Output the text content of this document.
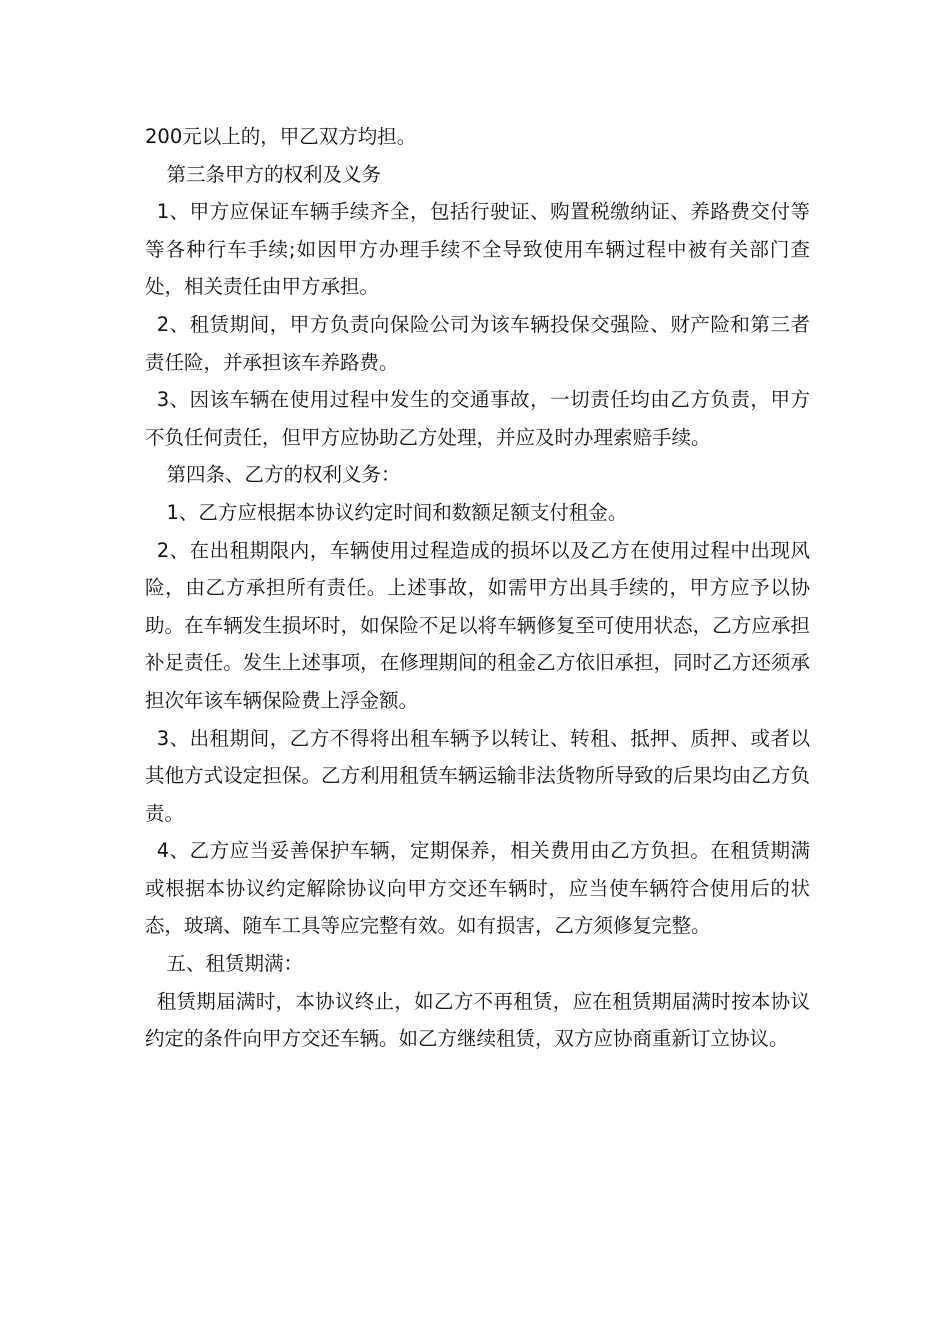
200元以上的，甲乙双方均担。

第三条甲方的权利及义务

1、甲方应保证车辆手续齐全，包括行驶证、购置税缴纳证、养路费交付等等各种行车手续;如因甲方办理手续不全导致使用车辆过程中被有关部门查处，相关责任由甲方承担。

2、租赁期间，甲方负责向保险公司为该车辆投保交强险、财产险和第三者责任险，并承担该车养路费。

3、因该车辆在使用过程中发生的交通事故，一切责任均由乙方负责，甲方不负任何责任，但甲方应协助乙方处理，并应及时办理索赔手续。

第四条、乙方的权利义务：

1、乙方应根据本协议约定时间和数额足额支付租金。

2、在出租期限内，车辆使用过程造成的损坏以及乙方在使用过程中出现风险，由乙方承担所有责任。上述事故，如需甲方出具手续的，甲方应予以协助。在车辆发生损坏时，如保险不足以将车辆修复至可使用状态，乙方应承担补足责任。发生上述事项，在修理期间的租金乙方依旧承担，同时乙方还须承担次年该车辆保险费上浮金额。

3、出租期间，乙方不得将出租车辆予以转让、转租、抵押、质押、或者以其他方式设定担保。乙方利用租赁车辆运输非法货物所导致的后果均由乙方负责。

4、乙方应当妥善保护车辆，定期保养，相关费用由乙方负担。在租赁期满或根据本协议约定解除协议向甲方交还车辆时，应当使车辆符合使用后的状态，玻璃、随车工具等应完整有效。如有损害，乙方须修复完整。

五、租赁期满：

租赁期届满时，本协议终止，如乙方不再租赁，应在租赁期届满时按本协议约定的条件向甲方交还车辆。如乙方继续租赁，双方应协商重新订立协议。
